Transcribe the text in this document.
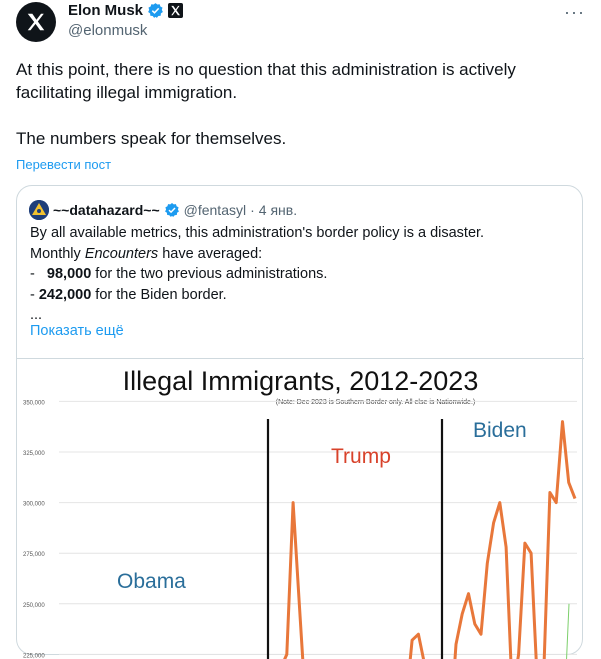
Elon Musk
@elonmusk
···

At this point, there is no question that this administration is actively

facilitating illegal immigration.

The numbers speak for themselves.

Перевести пост
~~datahazard~~ @fentasyl · 4 янв.
By all available metrics, this administration's border policy is a disaster.
Monthly Encounters have averaged:
-   98,000 for the two previous administrations.
- 242,000 for the Biden border.
...
Показать ещё
Illegal Immigrants, 2012-2023
(Note: Dec 2023 is Southern Border only. All else is Nationwide.)
350,000
325,000
300,000
275,000
250,000
225,000
Obama
Trump
Biden
